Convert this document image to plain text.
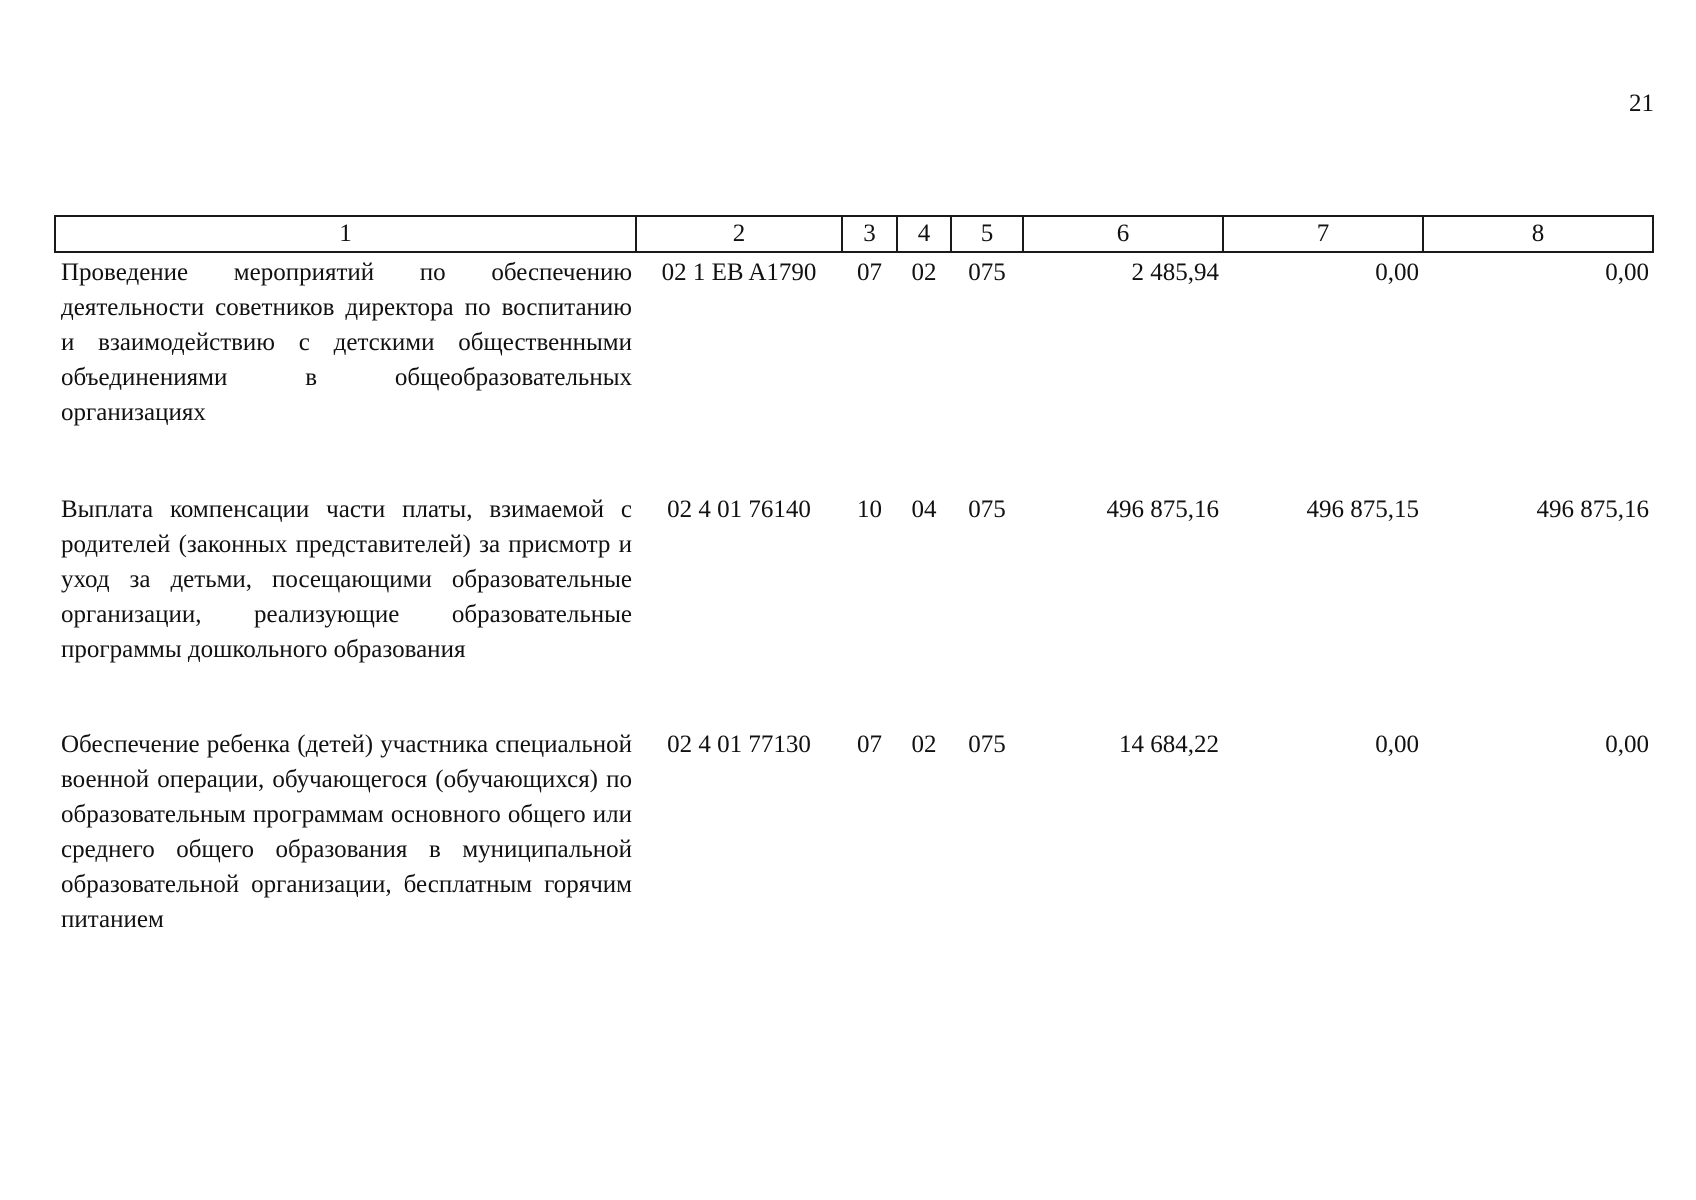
21
1	2	3	4	5	6	7	8
Проведение мероприятий по обеспечению деятельности советников директора по воспитанию и взаимодействию с детскими общественными объединениями в общеобразовательных организациях	02 1 EB A1790	07	02	075	2 485,94	0,00	0,00
Выплата компенсации части платы, взимаемой с родителей (законных представителей) за присмотр и уход за детьми, посещающими образовательные организации, реализующие образовательные программы дошкольного образования	02 4 01 76140	10	04	075	496 875,16	496 875,15	496 875,16
Обеспечение ребенка (детей) участника специальной военной операции, обучающегося (обучающихся) по образовательным программам основного общего или среднего общего образования в муниципальной образовательной организации, бесплатным горячим питанием	02 4 01 77130	07	02	075	14 684,22	0,00	0,00
